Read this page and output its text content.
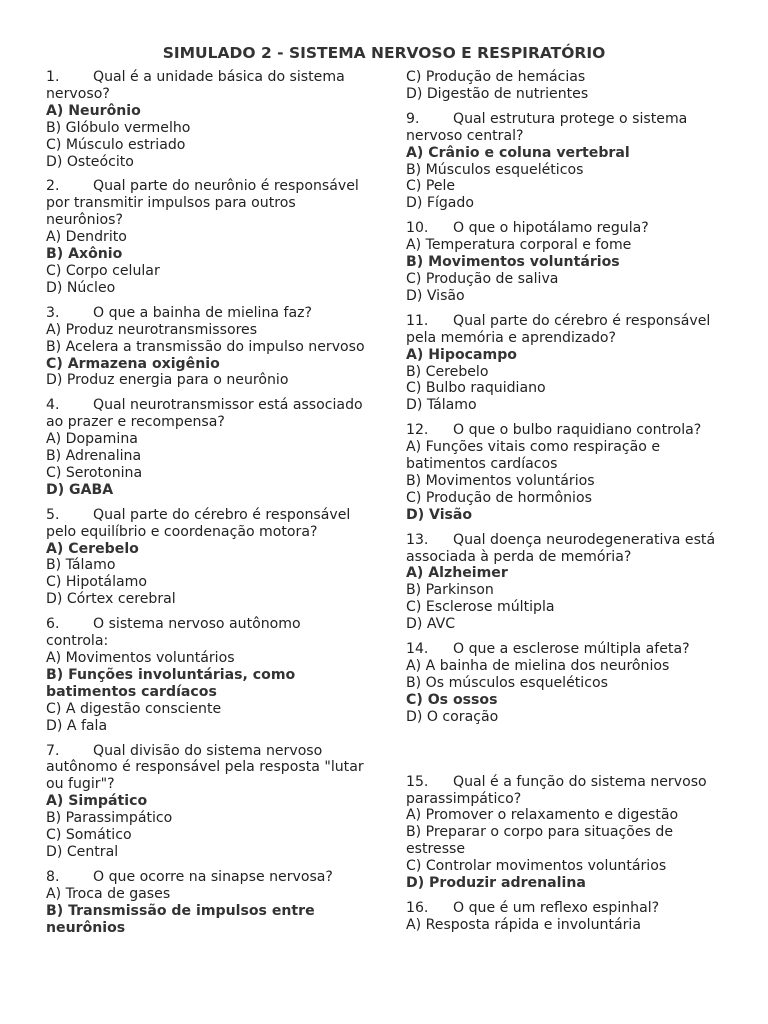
SIMULADO 2 - SISTEMA NERVOSO E RESPIRATÓRIO
1. Qual é a unidade básica do sistema nervoso?
A) Neurônio
B) Glóbulo vermelho
C) Músculo estriado
D) Osteócito
2. Qual parte do neurônio é responsável por transmitir impulsos para outros neurônios?
A) Dendrito
B) Axônio
C) Corpo celular
D) Núcleo
3. O que a bainha de mielina faz?
A) Produz neurotransmissores
B) Acelera a transmissão do impulso nervoso
C) Armazena oxigênio
D) Produz energia para o neurônio
4. Qual neurotransmissor está associado ao prazer e recompensa?
A) Dopamina
B) Adrenalina
C) Serotonina
D) GABA
5. Qual parte do cérebro é responsável pelo equilíbrio e coordenação motora?
A) Cerebelo
B) Tálamo
C) Hipotálamo
D) Córtex cerebral
6. O sistema nervoso autônomo controla:
A) Movimentos voluntários
B) Funções involuntárias, como batimentos cardíacos
C) A digestão consciente
D) A fala
7. Qual divisão do sistema nervoso autônomo é responsável pela resposta "lutar ou fugir"?
A) Simpático
B) Parassimpático
C) Somático
D) Central
8. O que ocorre na sinapse nervosa?
A) Troca de gases
B) Transmissão de impulsos entre neurônios
C) Produção de hemácias
D) Digestão de nutrientes
9. Qual estrutura protege o sistema nervoso central?
A) Crânio e coluna vertebral
B) Músculos esqueléticos
C) Pele
D) Fígado
10. O que o hipotálamo regula?
A) Temperatura corporal e fome
B) Movimentos voluntários
C) Produção de saliva
D) Visão
11. Qual parte do cérebro é responsável pela memória e aprendizado?
A) Hipocampo
B) Cerebelo
C) Bulbo raquidiano
D) Tálamo
12. O que o bulbo raquidiano controla?
A) Funções vitais como respiração e batimentos cardíacos
B) Movimentos voluntários
C) Produção de hormônios
D) Visão
13. Qual doença neurodegenerativa está associada à perda de memória?
A) Alzheimer
B) Parkinson
C) Esclerose múltipla
D) AVC
14. O que a esclerose múltipla afeta?
A) A bainha de mielina dos neurônios
B) Os músculos esqueléticos
C) Os ossos
D) O coração
15. Qual é a função do sistema nervoso parassimpático?
A) Promover o relaxamento e digestão
B) Preparar o corpo para situações de estresse
C) Controlar movimentos voluntários
D) Produzir adrenalina
16. O que é um reflexo espinhal?
A) Resposta rápida e involuntária
